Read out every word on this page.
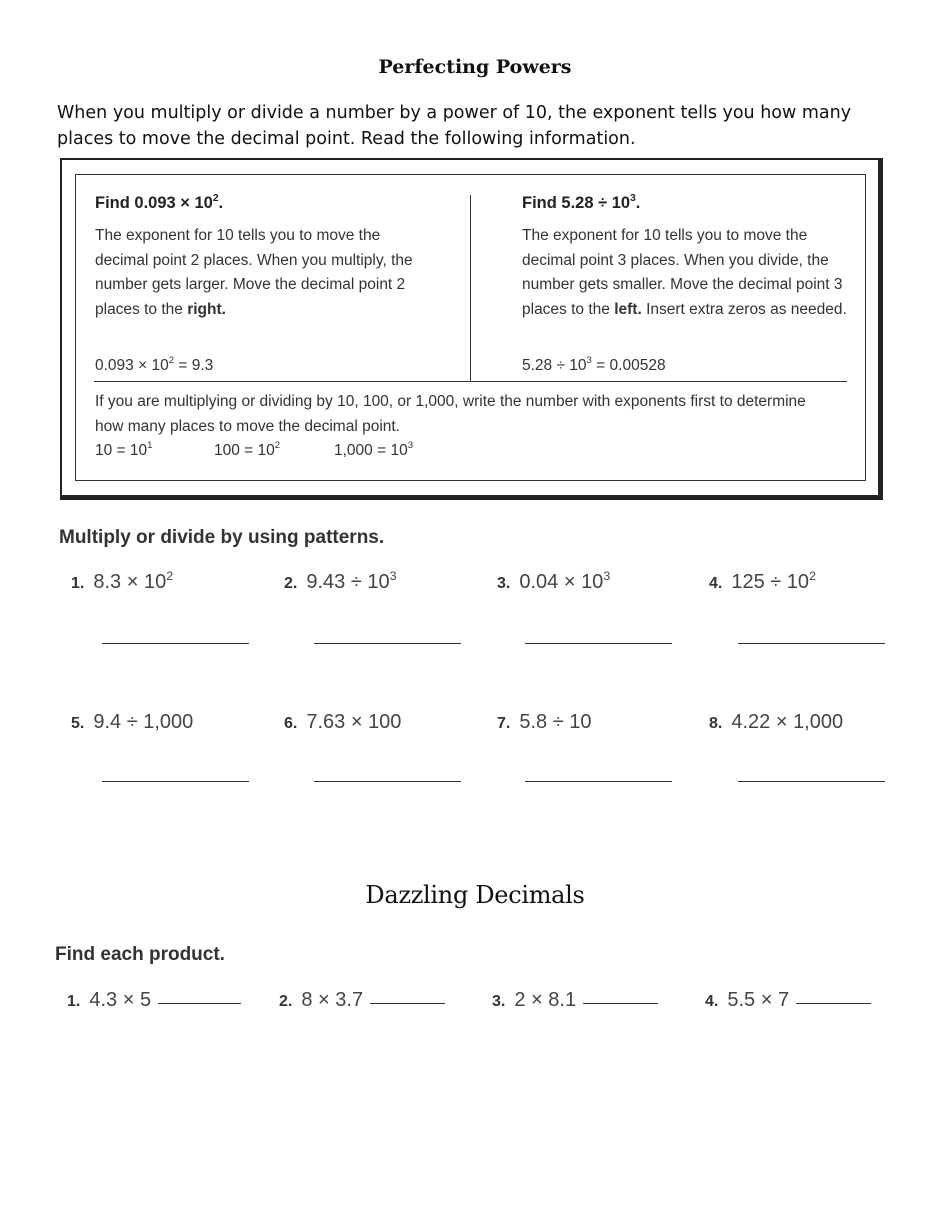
Perfecting Powers
When you multiply or divide a number by a power of 10, the exponent tells you how many places to move the decimal point. Read the following information.
Find $0.093 \times 10^2$.
The exponent for 10 tells you to move the decimal point 2 places. When you multiply, the number gets larger. Move the decimal point 2 places to the right.
$0.093 \times 10^2 = 9.3$
Find $5.28 \div 10^3$.
The exponent for 10 tells you to move the decimal point 3 places. When you divide, the number gets smaller. Move the decimal point 3 places to the left. Insert extra zeros as needed.
$5.28 \div 10^3 = 0.00528$
If you are multiplying or dividing by 10, 100, or 1,000, write the number with exponents first to determine how many places to move the decimal point.
$10 = 10^1$	$100 = 10^2$	$1,000 = 10^3$
Multiply or divide by using patterns.
1. $8.3 \times 10^2$	2. $9.43 \div 10^3$	3. $0.04 \times 10^3$	4. $125 \div 10^2$
5. 9.4 ÷ 1,000	6. 7.63 × 100	7. 5.8 ÷ 10	8. 4.22 × 1,000
Dazzling Decimals
Find each product.
1. 4.3 × 5	2. 8 × 3.7	3. 2 × 8.1	4. 5.5 × 7
